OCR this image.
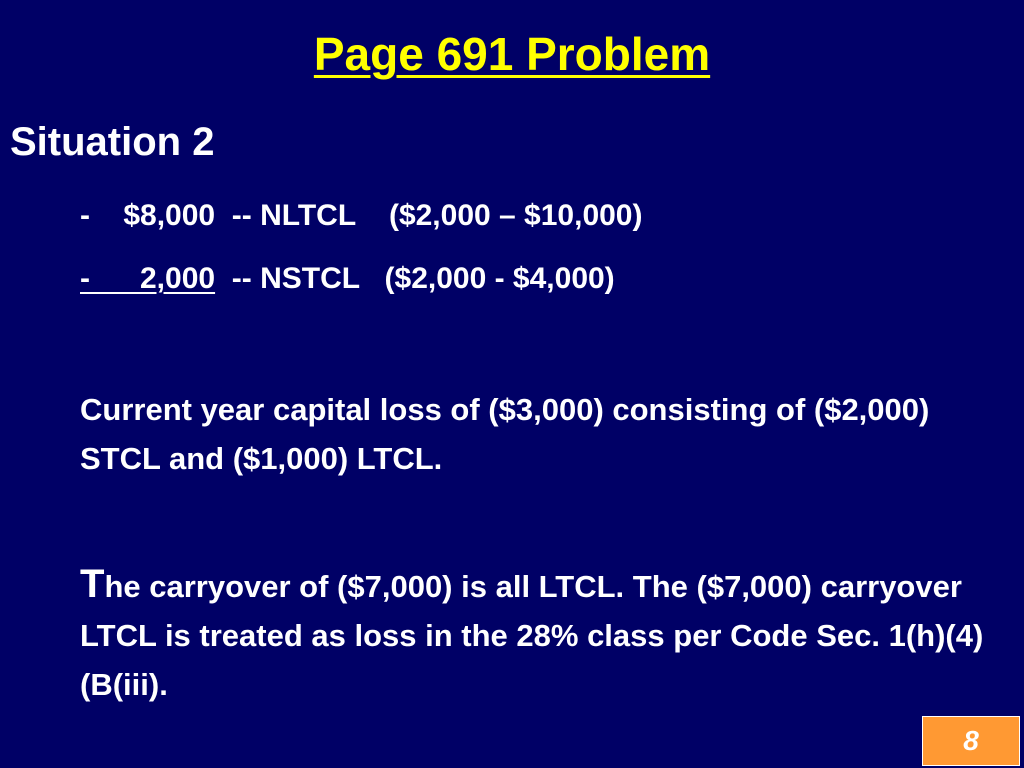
Page 691 Problem
Situation 2
-    $8,000  -- NLTCL    ($2,000 – $10,000)
-      2,000  -- NSTCL   ($2,000 - $4,000)
Current year capital loss of ($3,000) consisting of ($2,000) STCL and ($1,000) LTCL.
The carryover of ($7,000) is all LTCL. The ($7,000) carryover LTCL is treated as loss in the 28% class per Code Sec. 1(h)(4)(B(iii).
8
